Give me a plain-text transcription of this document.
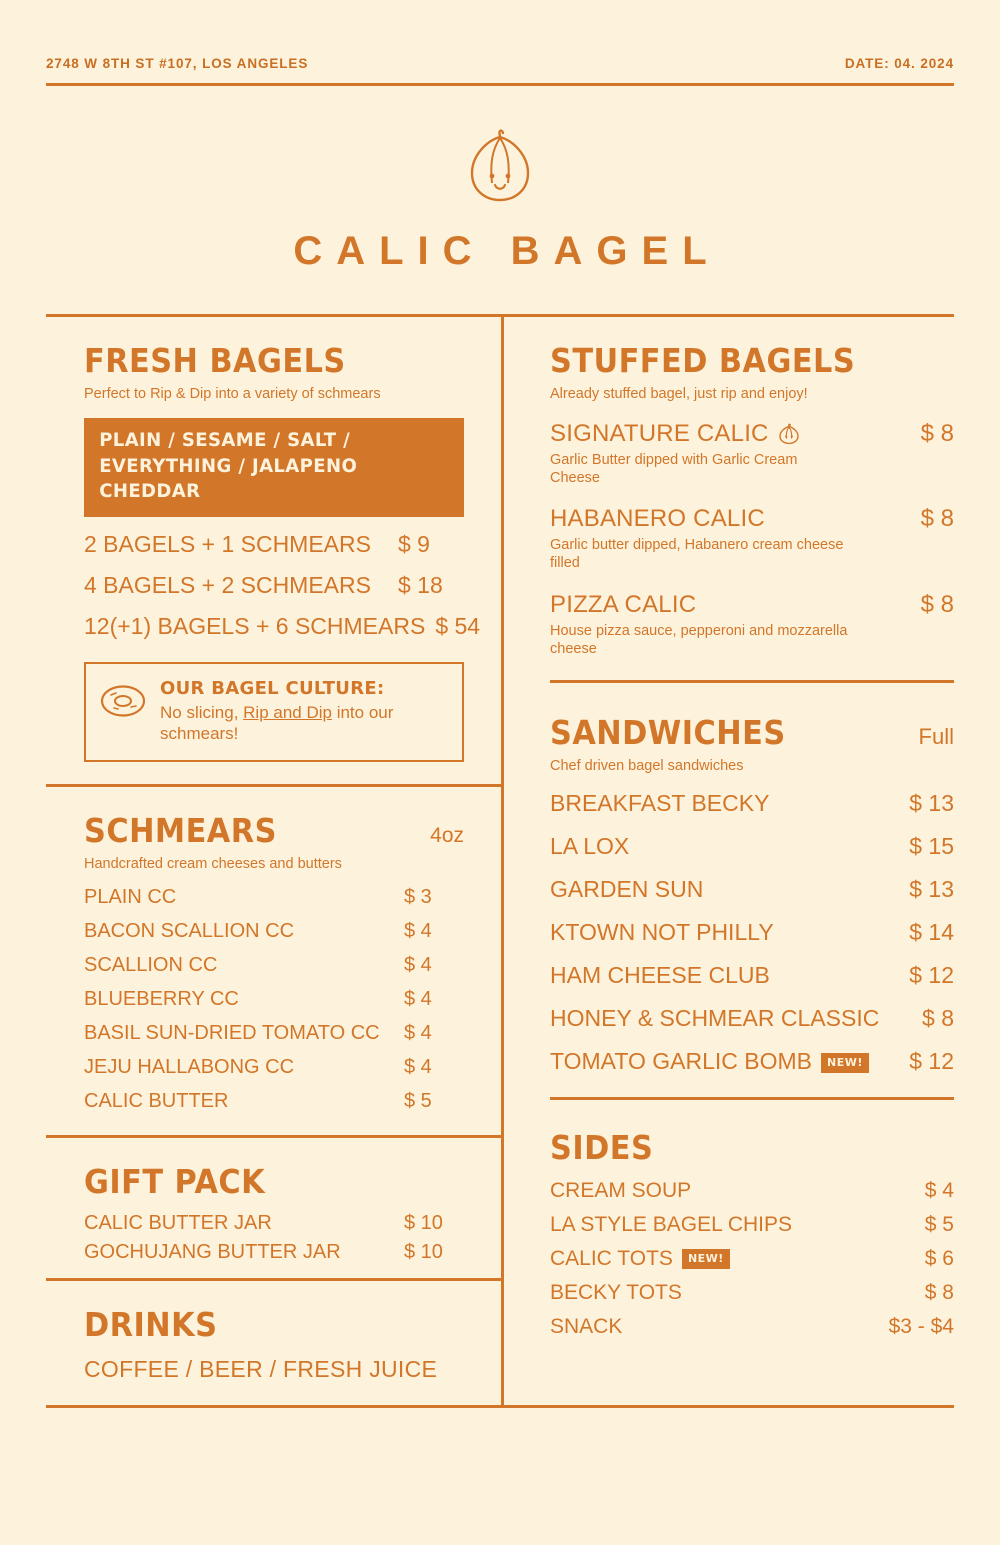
2748 W 8TH ST #107, LOS ANGELES	DATE: 04. 2024
CALIC BAGEL
FRESH BAGELS
Perfect to Rip & Dip into a variety of schmears
PLAIN / SESAME / SALT / EVERYTHING / JALAPENO CHEDDAR
2 BAGELS + 1 SCHMEARS	$ 9
4 BAGELS + 2 SCHMEARS	$ 18
12(+1) BAGELS + 6 SCHMEARS $ 54
OUR BAGEL CULTURE:
No slicing, Rip and Dip into our schmears!
SCHMEARS	4oz
Handcrafted cream cheeses and butters
PLAIN CC	$ 3
BACON SCALLION CC	$ 4
SCALLION CC	$ 4
BLUEBERRY CC	$ 4
BASIL SUN-DRIED TOMATO CC $ 4
JEJU HALLABONG CC	$ 4
CALIC BUTTER	$ 5
GIFT PACK
CALIC BUTTER JAR	$ 10
GOCHUJANG BUTTER JAR	$ 10
DRINKS
COFFEE / BEER / FRESH JUICE
STUFFED BAGELS
Already stuffed bagel, just rip and enjoy!
SIGNATURE CALIC	$ 8
Garlic Butter dipped with Garlic Cream Cheese
HABANERO CALIC	$ 8
Garlic butter dipped, Habanero cream cheese filled
PIZZA CALIC	$ 8
House pizza sauce, pepperoni and mozzarella cheese
SANDWICHES	Full
Chef driven bagel sandwiches
BREAKFAST BECKY	$ 13
LA LOX	$ 15
GARDEN SUN	$ 13
KTOWN NOT PHILLY	$ 14
HAM CHEESE CLUB	$ 12
HONEY & SCHMEAR CLASSIC $ 8
TOMATO GARLIC BOMB NEW! $ 12
SIDES
CREAM SOUP	$ 4
LA STYLE BAGEL CHIPS	$ 5
CALIC TOTS NEW!	$ 6
BECKY TOTS	$ 8
SNACK	$3 - $4
